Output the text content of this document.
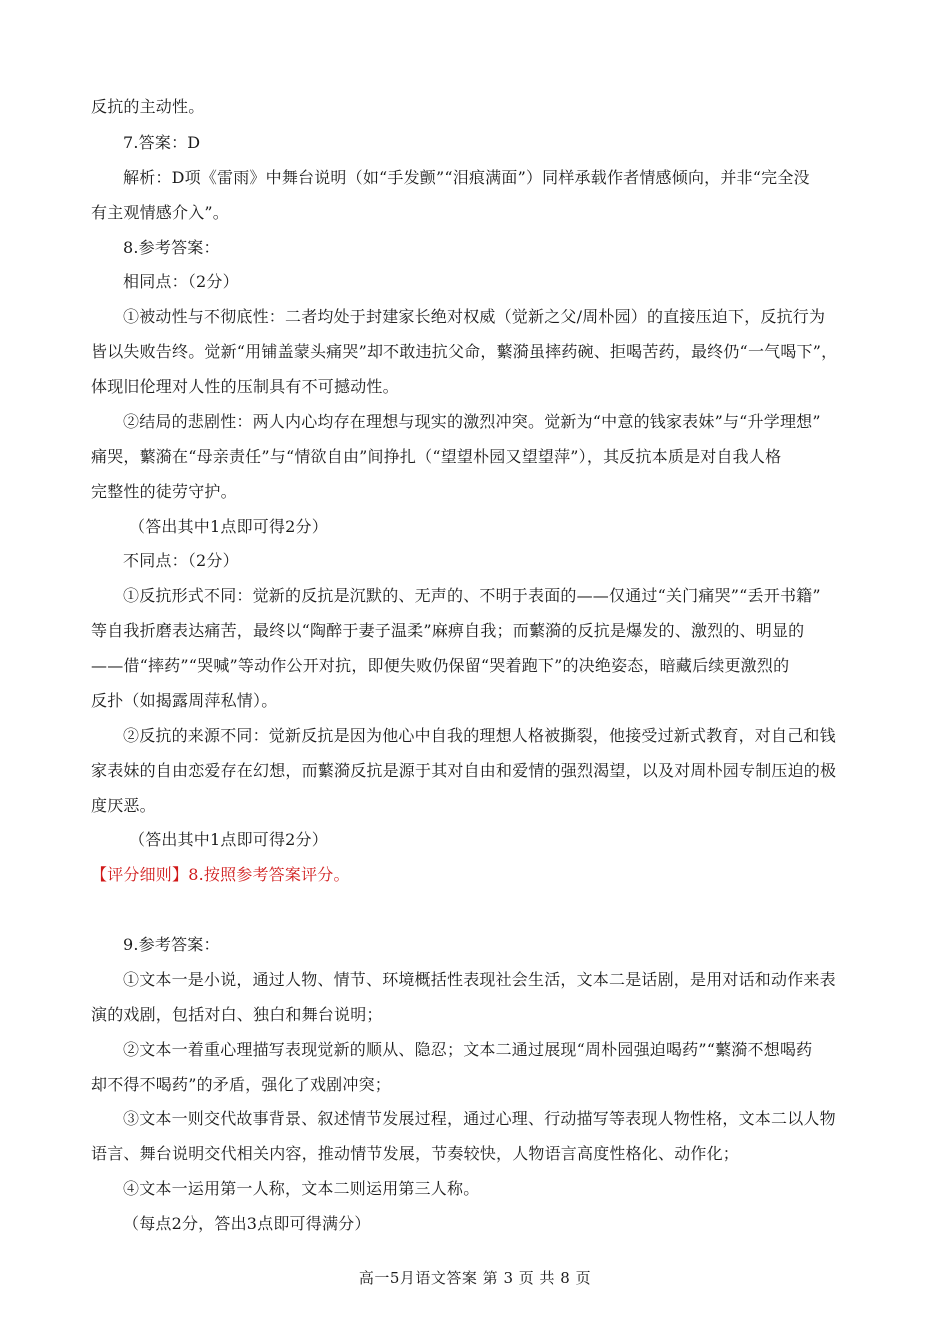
反抗的主动性。
7.答案：D
解析：D项《雷雨》中舞台说明（如“手发颤”“泪痕满面”）同样承载作者情感倾向，并非“完全没
有主观情感介入”。
8.参考答案：
相同点：（2分）
①被动性与不彻底性：二者均处于封建家长绝对权威（觉新之父/周朴园）的直接压迫下，反抗行为
皆以失败告终。觉新“用铺盖蒙头痛哭”却不敢违抗父命，蘩漪虽摔药碗、拒喝苦药，最终仍“一气喝下”，
体现旧伦理对人性的压制具有不可撼动性。
②结局的悲剧性：两人内心均存在理想与现实的激烈冲突。觉新为“中意的钱家表妹”与“升学理想”
痛哭，蘩漪在“母亲责任”与“情欲自由”间挣扎（“望望朴园又望望萍”），其反抗本质是对自我人格
完整性的徒劳守护。
（答出其中1点即可得2分）
不同点：（2分）
①反抗形式不同：觉新的反抗是沉默的、无声的、不明于表面的——仅通过“关门痛哭”“丢开书籍”
等自我折磨表达痛苦，最终以“陶醉于妻子温柔”麻痹自我；而蘩漪的反抗是爆发的、激烈的、明显的
——借“摔药”“哭喊”等动作公开对抗，即便失败仍保留“哭着跑下”的决绝姿态，暗藏后续更激烈的
反扑（如揭露周萍私情）。
②反抗的来源不同：觉新反抗是因为他心中自我的理想人格被撕裂，他接受过新式教育，对自己和钱
家表妹的自由恋爱存在幻想，而蘩漪反抗是源于其对自由和爱情的强烈渴望，以及对周朴园专制压迫的极
度厌恶。
（答出其中1点即可得2分）
【评分细则】8.按照参考答案评分。
9.参考答案：
①文本一是小说，通过人物、情节、环境概括性表现社会生活，文本二是话剧，是用对话和动作来表
演的戏剧，包括对白、独白和舞台说明；
②文本一着重心理描写表现觉新的顺从、隐忍；文本二通过展现“周朴园强迫喝药”“蘩漪不想喝药
却不得不喝药”的矛盾，强化了戏剧冲突；
③文本一则交代故事背景、叙述情节发展过程，通过心理、行动描写等表现人物性格，文本二以人物
语言、舞台说明交代相关内容，推动情节发展，节奏较快，人物语言高度性格化、动作化；
④文本一运用第一人称，文本二则运用第三人称。
（每点2分，答出3点即可得满分）
高一5月语文答案 第 3 页 共 8 页
